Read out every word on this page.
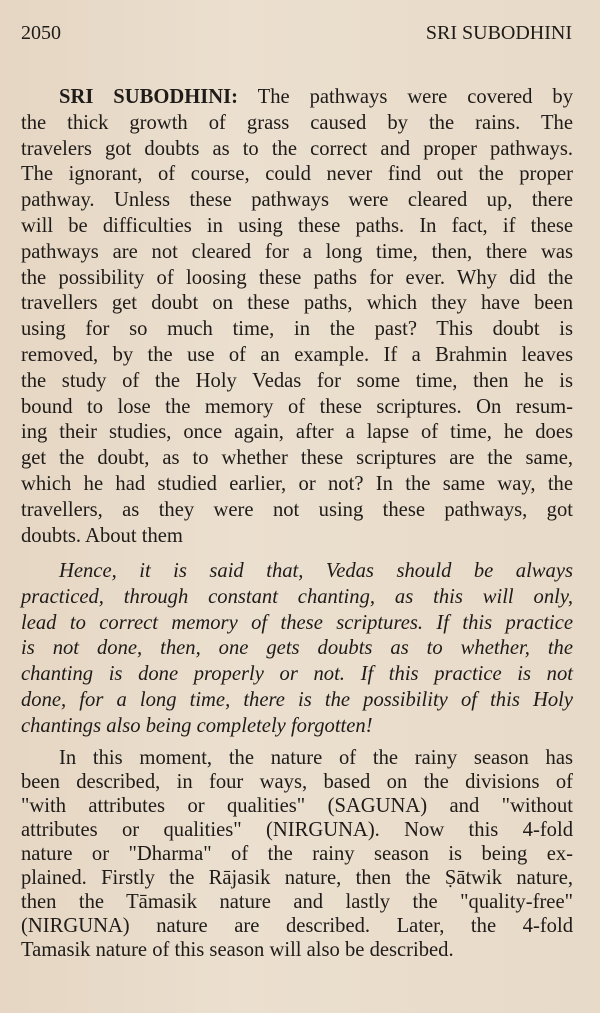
2050	SRI SUBODHINI
SRI SUBODHINI: The pathways were covered by
the thick growth of grass caused by the rains. The
travelers got doubts as to the correct and proper pathways.
The ignorant, of course, could never find out the proper
pathway. Unless these pathways were cleared up, there
will be difficulties in using these paths. In fact, if these
pathways are not cleared for a long time, then, there was
the possibility of loosing these paths for ever. Why did the
travellers get doubt on these paths, which they have been
using for so much time, in the past? This doubt is
removed, by the use of an example. If a Brahmin leaves
the study of the Holy Vedas for some time, then he is
bound to lose the memory of these scriptures. On resum-
ing their studies, once again, after a lapse of time, he does
get the doubt, as to whether these scriptures are the same,
which he had studied earlier, or not? In the same way, the
travellers, as they were not using these pathways, got
doubts. About them
Hence, it is said that, Vedas should be always
practiced, through constant chanting, as this will only,
lead to correct memory of these scriptures. If this practice
is not done, then, one gets doubts as to whether, the
chanting is done properly or not. If this practice is not
done, for a long time, there is the possibility of this Holy
chantings also being completely forgotten!
In this moment, the nature of the rainy season has
been described, in four ways, based on the divisions of
"with attributes or qualities" (SAGUNA) and "without
attributes or qualities" (NIRGUNA). Now this 4-fold
nature or "Dharma" of the rainy season is being ex-
plained. Firstly the Rājasik nature, then the Ṣātwik nature,
then the Tāmasik nature and lastly the "quality-free"
(NIRGUNA) nature are described. Later, the 4-fold
Tamasik nature of this season will also be described.
